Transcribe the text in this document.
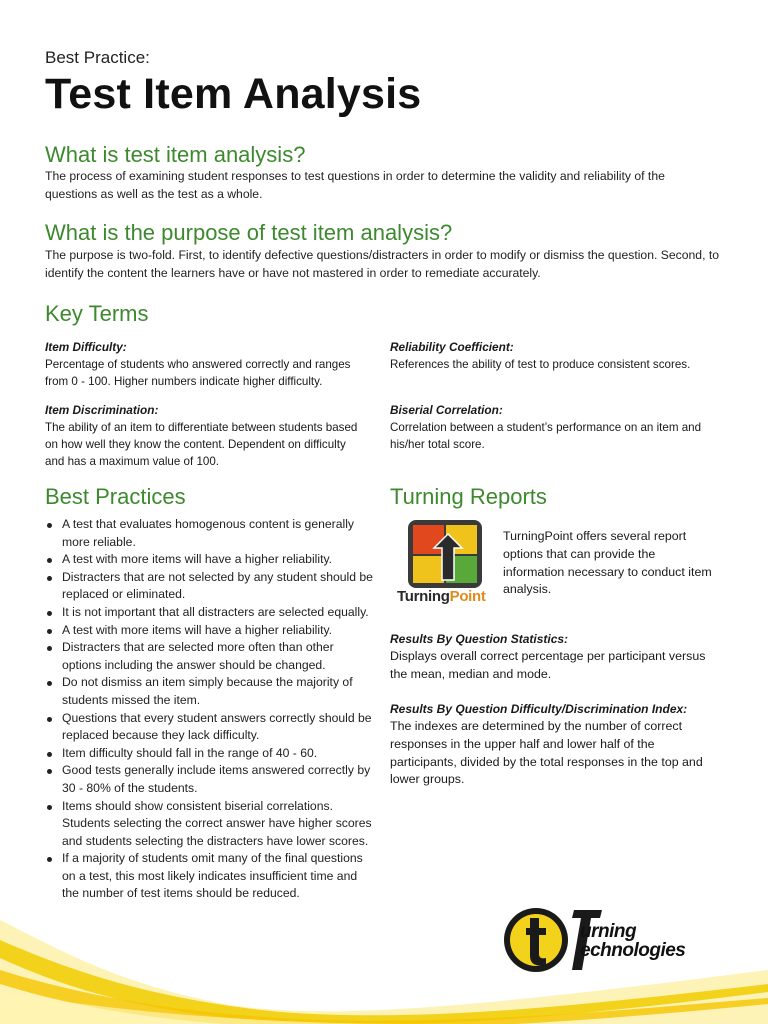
Best Practice:
Test Item Analysis
What is test item analysis?
The process of examining student responses to test questions in order to determine the validity and reliability of the questions as well as the test as a whole.
What is the purpose of test item analysis?
The purpose is two-fold. First, to identify defective questions/distracters in order to modify or dismiss the question. Second, to identify the content the learners have or have not mastered in order to remediate accurately.
Key Terms
Item Difficulty:
Percentage of students who answered correctly and ranges from 0 - 100. Higher numbers indicate higher difficulty.
Reliability Coefficient:
References the ability of test to produce consistent scores.
Item Discrimination:
The ability of an item to differentiate between students based on how well they know the content. Dependent on difficulty and has a maximum value of 100.
Biserial Correlation:
Correlation between a student’s performance on an item and his/her total score.
Best Practices
A test that evaluates homogenous content is generally more reliable.
A test with more items will have a higher reliability.
Distracters that are not selected by any student should be replaced or eliminated.
It is not important that all distracters are selected equally.
A test with more items will have a higher reliability.
Distracters that are selected more often than other options including the answer should be changed.
Do not dismiss an item simply because the majority of students missed the item.
Questions that every student answers correctly should be replaced because they lack difficulty.
Item difficulty should fall in the range of 40 - 60.
Good tests generally include items answered correctly by 30 - 80% of the students.
Items should show consistent biserial correlations. Students selecting the correct answer have higher scores and students selecting the distracters have lower scores.
If a majority of students omit many of the final questions on a test, this most likely indicates insufficient time and the number of test items should be reduced.
Turning Reports
TurningPoint
TurningPoint offers several report options that can provide the information necessary to conduct item analysis.
Results By Question Statistics:
Displays overall correct percentage per participant versus the mean, median and mode.
Results By Question Difficulty/Discrimination Index:
The indexes are determined by the number of correct responses in the upper half and lower half of the participants, divided by the total responses in the top and lower groups.
urning
echnologies
